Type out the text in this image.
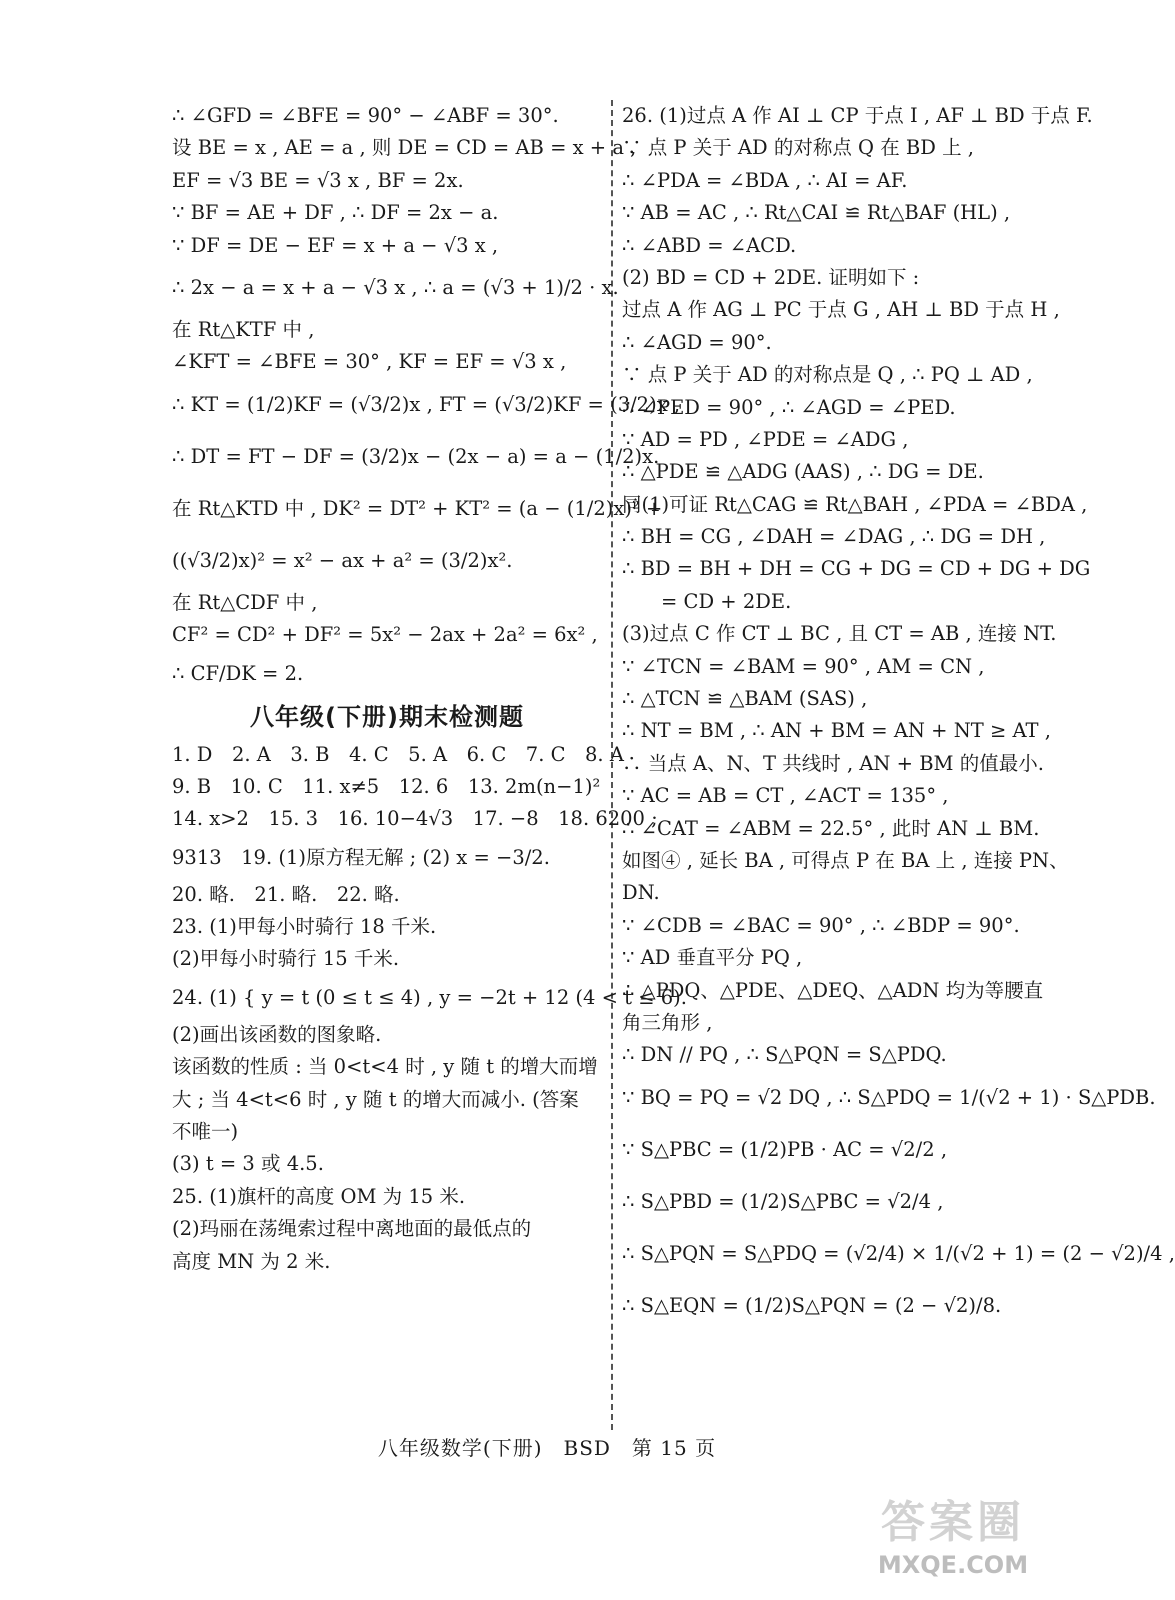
∴ ∠GFD = ∠BFE = 90° − ∠ABF = 30°.
设 BE = x , AE = a , 则 DE = CD = AB = x + a ,
EF = √3 BE = √3 x , BF = 2x.
∵ BF = AE + DF , ∴ DF = 2x − a.
∵ DF = DE − EF = x + a − √3 x ,
∴ 2x − a = x + a − √3 x , ∴ a = (√3 + 1)/2 · x.
在 Rt△KTF 中 ,
∠KFT = ∠BFE = 30° , KF = EF = √3 x ,
∴ KT = (1/2)KF = (√3/2)x , FT = (√3/2)KF = (3/2)x ,
∴ DT = FT − DF = (3/2)x − (2x − a) = a − (1/2)x.
在 Rt△KTD 中 , DK² = DT² + KT² = (a − (1/2)x)² +
((√3/2)x)² = x² − ax + a² = (3/2)x².
在 Rt△CDF 中 ,
CF² = CD² + DF² = 5x² − 2ax + 2a² = 6x² ,
∴ CF/DK = 2.
八年级(下册)期末检测题
1. D　2. A　3. B　4. C　5. A　6. C　7. C　8. A
9. B　10. C　11. x≠5　12. 6　13. 2m(n−1)²
14. x>2　15. 3　16. 10−4√3　17. −8　18. 6200 ;
9313　19. (1)原方程无解 ; (2) x = −3/2.
20. 略.　21. 略.　22. 略.
23. (1)甲每小时骑行 18 千米.
(2)甲每小时骑行 15 千米.
24. (1) { y = t (0 ≤ t ≤ 4) , y = −2t + 12 (4 < t ≤ 6).
(2)画出该函数的图象略.
该函数的性质 : 当 0<t<4 时 , y 随 t 的增大而增
大 ; 当 4<t<6 时 , y 随 t 的增大而减小. (答案
不唯一)
(3) t = 3 或 4.5.
25. (1)旗杆的高度 OM 为 15 米.
(2)玛丽在荡绳索过程中离地面的最低点的
高度 MN 为 2 米.
26. (1)过点 A 作 AI ⊥ CP 于点 I , AF ⊥ BD 于点 F.
∵ 点 P 关于 AD 的对称点 Q 在 BD 上 ,
∴ ∠PDA = ∠BDA , ∴ AI = AF.
∵ AB = AC , ∴ Rt△CAI ≌ Rt△BAF (HL) ,
∴ ∠ABD = ∠ACD.
(2) BD = CD + 2DE. 证明如下 :
过点 A 作 AG ⊥ PC 于点 G , AH ⊥ BD 于点 H ,
∴ ∠AGD = 90°.
∵ 点 P 关于 AD 的对称点是 Q , ∴ PQ ⊥ AD ,
∴ ∠PED = 90° , ∴ ∠AGD = ∠PED.
∵ AD = PD , ∠PDE = ∠ADG ,
∴ △PDE ≌ △ADG (AAS) , ∴ DG = DE.
同(1)可证 Rt△CAG ≌ Rt△BAH , ∠PDA = ∠BDA ,
∴ BH = CG , ∠DAH = ∠DAG , ∴ DG = DH ,
∴ BD = BH + DH = CG + DG = CD + DG + DG
　　= CD + 2DE.
(3)过点 C 作 CT ⊥ BC , 且 CT = AB , 连接 NT.
∵ ∠TCN = ∠BAM = 90° , AM = CN ,
∴ △TCN ≌ △BAM (SAS) ,
∴ NT = BM , ∴ AN + BM = AN + NT ≥ AT ,
∴ 当点 A、N、T 共线时 , AN + BM 的值最小.
∵ AC = AB = CT , ∠ACT = 135° ,
∴ ∠CAT = ∠ABM = 22.5° , 此时 AN ⊥ BM.
如图④ , 延长 BA , 可得点 P 在 BA 上 , 连接 PN、
DN.
∵ ∠CDB = ∠BAC = 90° , ∴ ∠BDP = 90°.
∵ AD 垂直平分 PQ ,
∴ △PDQ、△PDE、△DEQ、△ADN 均为等腰直
角三角形 ,
∴ DN // PQ , ∴ S△PQN = S△PDQ.
∵ BQ = PQ = √2 DQ , ∴ S△PDQ = 1/(√2 + 1) · S△PDB.
∵ S△PBC = (1/2)PB · AC = √2/2 ,
∴ S△PBD = (1/2)S△PBC = √2/4 ,
∴ S△PQN = S△PDQ = (√2/4) × 1/(√2 + 1) = (2 − √2)/4 ,
∴ S△EQN = (1/2)S△PQN = (2 − √2)/8.
八年级数学(下册)　BSD　第 15 页
答案圈
MXQE.COM
